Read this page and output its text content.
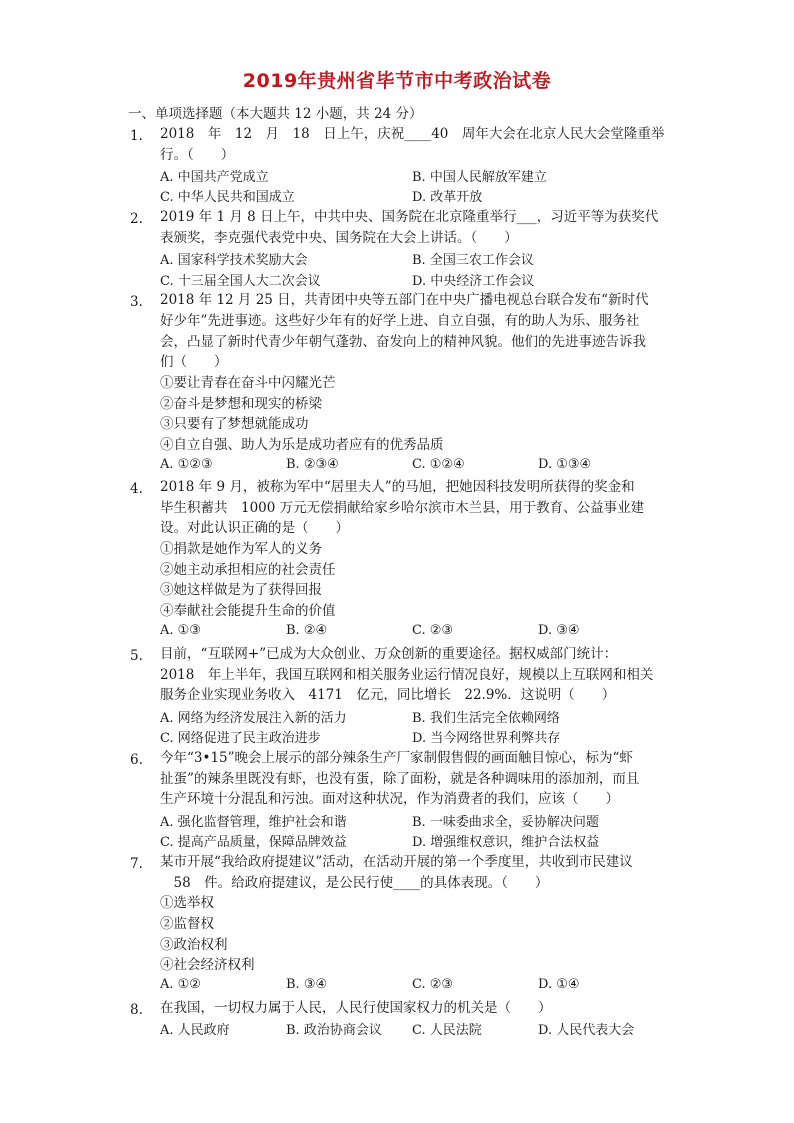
2019年贵州省毕节市中考政治试卷
一、单项选择题（本大题共 12 小题，共 24 分）
1. 2018　年　12　月　18　日上午，庆祝____40　周年大会在北京人民大会堂隆重举
行。（　　）
A. 中国共产党成立	B. 中国人民解放军建立
C. 中华人民共和国成立	D. 改革开放
2. 2019 年 1 月 8 日上午，中共中央、国务院在北京隆重举行___，习近平等为获奖代
表颁奖，李克强代表党中央、国务院在大会上讲话。（　　）
A. 国家科学技术奖励大会	B. 全国三农工作会议
C. 十三届全国人大二次会议	D. 中央经济工作会议
3. 2018 年 12 月 25 日，共青团中央等五部门在中央广播电视总台联合发布“新时代
好少年”先进事迹。这些好少年有的好学上进、自立自强，有的助人为乐、服务社
会，凸显了新时代青少年朝气蓬勃、奋发向上的精神风貌。他们的先进事迹告诉我
们（　　）
①要让青春在奋斗中闪耀光芒
②奋斗是梦想和现实的桥梁
③只要有了梦想就能成功
④自立自强、助人为乐是成功者应有的优秀品质
A. ①②③	B. ②③④	C. ①②④	D. ①③④
4. 2018 年 9 月，被称为军中“居里夫人”的马旭，把她因科技发明所获得的奖金和
毕生积蓄共　1000 万元无偿捐献给家乡哈尔滨市木兰县，用于教育、公益事业建
设。对此认识正确的是（　　）
①捐款是她作为军人的义务
②她主动承担相应的社会责任
③她这样做是为了获得回报
④奉献社会能提升生命的价值
A. ①③	B. ②④	C. ②③	D. ③④
5. 目前，“互联网+”已成为大众创业、万众创新的重要途径。据权威部门统计：
2018　年上半年，我国互联网和相关服务业运行情况良好，规模以上互联网和相关
服务企业实现业务收入　4171　亿元，同比增长　22.9%．这说明（　　）
A. 网络为经济发展注入新的活力	B. 我们生活完全依赖网络
C. 网络促进了民主政治进步	D. 当今网络世界利弊共存
6. 今年“3•15”晚会上展示的部分辣条生产厂家制假售假的画面触目惊心，标为“虾
扯蛋”的辣条里既没有虾，也没有蛋，除了面粉，就是各种调味用的添加剂，而且
生产环境十分混乱和污浊。面对这种状况，作为消费者的我们，应该（　　）
A. 强化监督管理，维护社会和谐	B. 一味委曲求全，妥协解决问题
C. 提高产品质量，保障品牌效益	D. 增强维权意识，维护合法权益
7. 某市开展“我给政府提建议”活动，在活动开展的第一个季度里，共收到市民建议
　58　件。给政府提建议，是公民行使____的具体表现。（　　）
①选举权
②监督权
③政治权利
④社会经济权利
A. ①②	B. ③④	C. ②③	D. ①④
8. 在我国，一切权力属于人民，人民行使国家权力的机关是（　　）
A. 人民政府	B. 政治协商会议 C. 人民法院	D. 人民代表大会
